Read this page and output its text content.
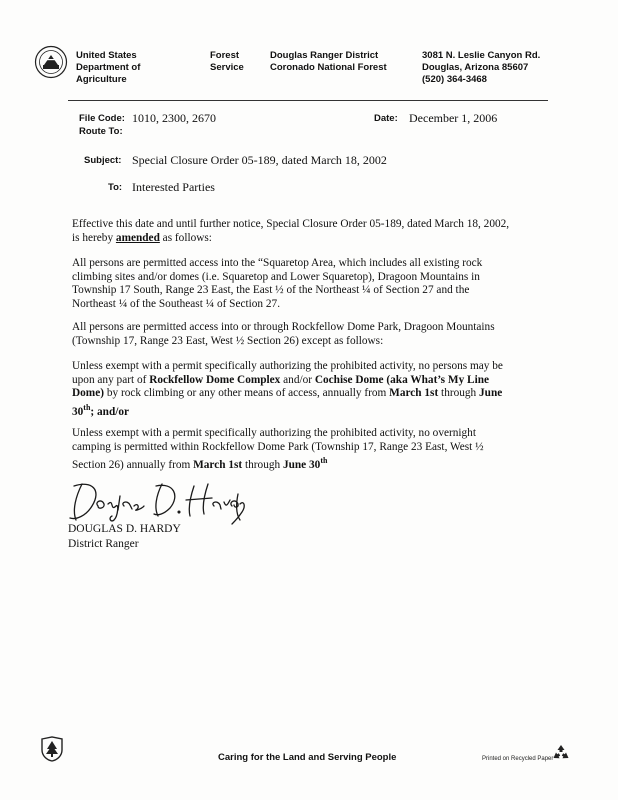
United States
Department of
Agriculture
Forest
Service
Douglas Ranger District
Coronado National Forest
3081 N. Leslie Canyon Rd.
Douglas, Arizona 85607
(520) 364-3468
File Code: 1010, 2300, 2670
Route To:
Date: December 1, 2006
Subject: Special Closure Order 05-189, dated March 18, 2002
To: Interested Parties
Effective this date and until further notice, Special Closure Order 05-189, dated March 18, 2002,
is hereby amended as follows:
All persons are permitted access into the “Squaretop Area, which includes all existing rock
climbing sites and/or domes (i.e. Squaretop and Lower Squaretop), Dragoon Mountains in
Township 17 South, Range 23 East, the East ½ of the Northeast ¼ of Section 27 and the
Northeast ¼ of the Southeast ¼ of Section 27.
All persons are permitted access into or through Rockfellow Dome Park, Dragoon Mountains
(Township 17, Range 23 East, West ½ Section 26) except as follows:
Unless exempt with a permit specifically authorizing the prohibited activity, no persons may be
upon any part of Rockfellow Dome Complex and/or Cochise Dome (aka What’s My Line
Dome) by rock climbing or any other means of access, annually from March 1st through June
30th; and/or
Unless exempt with a permit specifically authorizing the prohibited activity, no overnight
camping is permitted within Rockfellow Dome Park (Township 17, Range 23 East, West ½
Section 26) annually from March 1st through June 30th
DOUGLAS D. HARDY
District Ranger
Caring for the Land and Serving People	Printed on Recycled Paper
